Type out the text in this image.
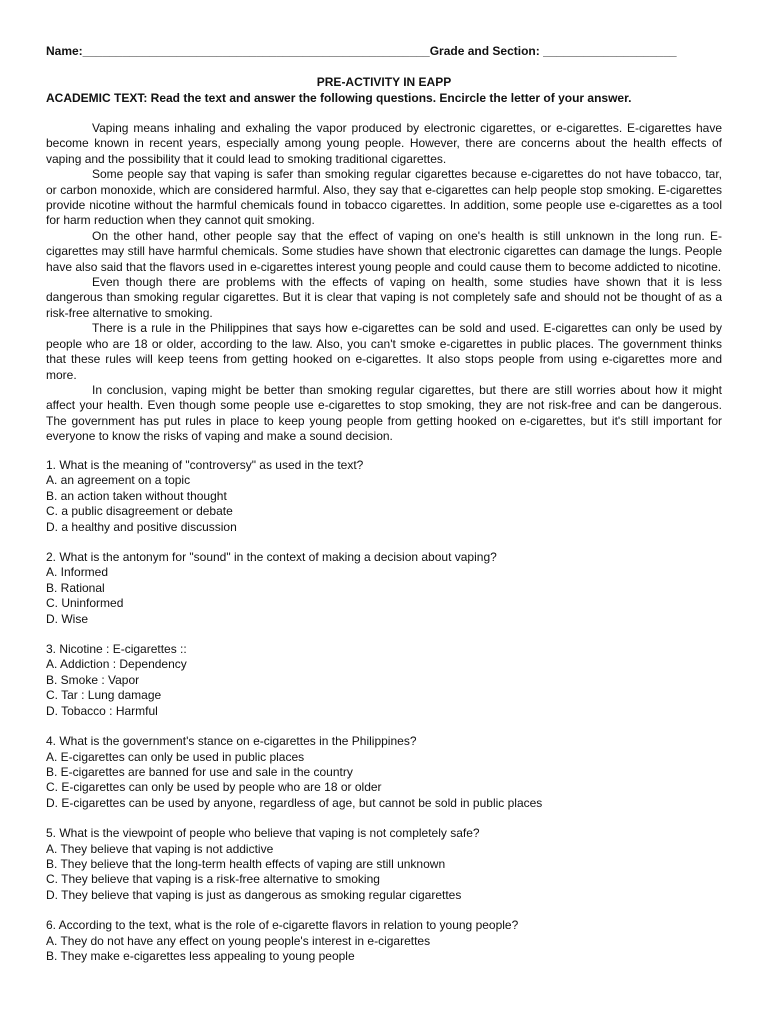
Name:____________________________________________________Grade and Section: ____________________
PRE-ACTIVITY IN EAPP
ACADEMIC TEXT: Read the text and answer the following questions. Encircle the letter of your answer.

Vaping means inhaling and exhaling the vapor produced by electronic cigarettes, or e-cigarettes. E-cigarettes have become known in recent years, especially among young people. However, there are concerns about the health effects of vaping and the possibility that it could lead to smoking traditional cigarettes.

Some people say that vaping is safer than smoking regular cigarettes because e-cigarettes do not have tobacco, tar, or carbon monoxide, which are considered harmful. Also, they say that e-cigarettes can help people stop smoking. E-cigarettes provide nicotine without the harmful chemicals found in tobacco cigarettes. In addition, some people use e-cigarettes as a tool for harm reduction when they cannot quit smoking.

On the other hand, other people say that the effect of vaping on one's health is still unknown in the long run. E-cigarettes may still have harmful chemicals. Some studies have shown that electronic cigarettes can damage the lungs. People have also said that the flavors used in e-cigarettes interest young people and could cause them to become addicted to nicotine.

Even though there are problems with the effects of vaping on health, some studies have shown that it is less dangerous than smoking regular cigarettes. But it is clear that vaping is not completely safe and should not be thought of as a risk-free alternative to smoking.

There is a rule in the Philippines that says how e-cigarettes can be sold and used. E-cigarettes can only be used by people who are 18 or older, according to the law. Also, you can't smoke e-cigarettes in public places. The government thinks that these rules will keep teens from getting hooked on e-cigarettes. It also stops people from using e-cigarettes more and more.

In conclusion, vaping might be better than smoking regular cigarettes, but there are still worries about how it might affect your health. Even though some people use e-cigarettes to stop smoking, they are not risk-free and can be dangerous. The government has put rules in place to keep young people from getting hooked on e-cigarettes, but it's still important for everyone to know the risks of vaping and make a sound decision.

1. What is the meaning of "controversy" as used in the text?
A. an agreement on a topic
B. an action taken without thought
C. a public disagreement or debate
D. a healthy and positive discussion
2. What is the antonym for "sound" in the context of making a decision about vaping?
A. Informed
B. Rational
C. Uninformed
D. Wise
3. Nicotine : E-cigarettes ::
A. Addiction : Dependency
B. Smoke : Vapor
C. Tar : Lung damage
D. Tobacco : Harmful
4. What is the government's stance on e-cigarettes in the Philippines?
A. E-cigarettes can only be used in public places
B. E-cigarettes are banned for use and sale in the country
C. E-cigarettes can only be used by people who are 18 or older
D. E-cigarettes can be used by anyone, regardless of age, but cannot be sold in public places
5. What is the viewpoint of people who believe that vaping is not completely safe?
A. They believe that vaping is not addictive
B. They believe that the long-term health effects of vaping are still unknown
C. They believe that vaping is a risk-free alternative to smoking
D. They believe that vaping is just as dangerous as smoking regular cigarettes
6. According to the text, what is the role of e-cigarette flavors in relation to young people?
A. They do not have any effect on young people's interest in e-cigarettes
B. They make e-cigarettes less appealing to young people
